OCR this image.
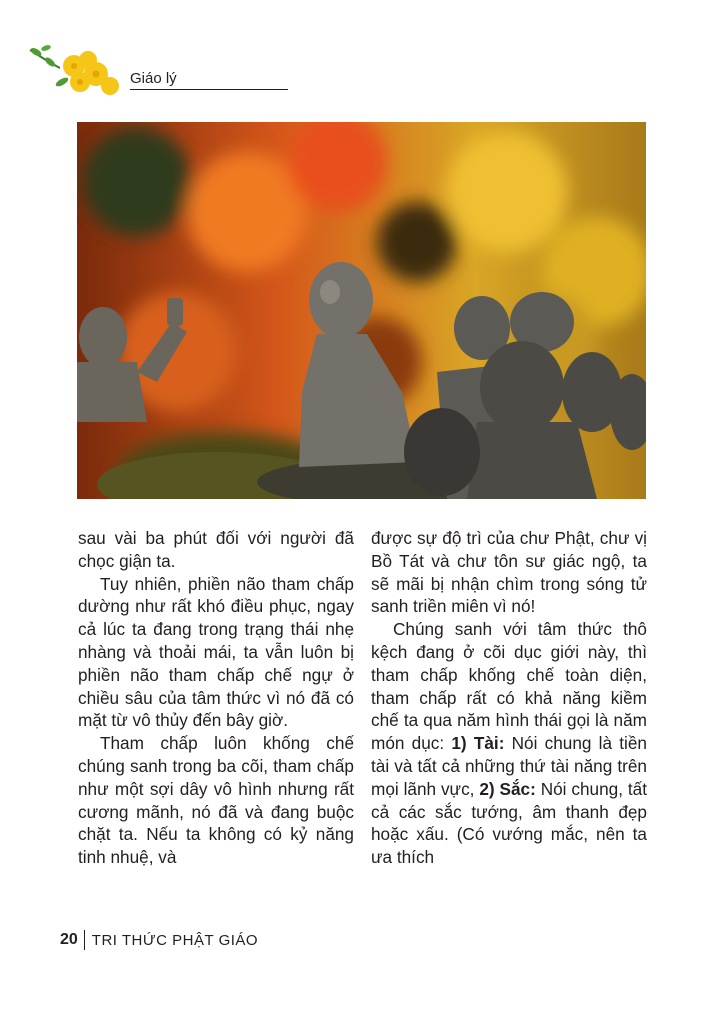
Giáo lý

sau vài ba phút đối với người đã chọc giận ta.

Tuy nhiên, phiền não tham chấp dường như rất khó điều phục, ngay cả lúc ta đang trong trạng thái nhẹ nhàng và thoải mái, ta vẫn luôn bị phiền não tham chấp chế ngự ở chiều sâu của tâm thức vì nó đã có mặt từ vô thủy đến bây giờ.

Tham chấp luôn khống chế chúng sanh trong ba cõi, tham chấp như một sợi dây vô hình nhưng rất cương mãnh, nó đã và đang buộc chặt ta. Nếu ta không có kỷ năng tinh nhuệ, và

được sự độ trì của chư Phật, chư vị Bồ Tát và chư tôn sư giác ngộ, ta sẽ mãi bị nhận chìm trong sóng tử sanh triền miên vì nó!

Chúng sanh với tâm thức thô kệch đang ở cõi dục giới này, thì tham chấp khống chế toàn diện, tham chấp rất có khả năng kiềm chế ta qua năm hình thái gọi là năm món dục: 1) Tài: Nói chung là tiền tài và tất cả những thứ tài năng trên mọi lãnh vực, 2) Sắc: Nói chung, tất cả các sắc tướng, âm thanh đẹp hoặc xấu. (Có vướng mắc, nên ta ưa thích

20 TRI THỨC PHẬT GIÁO
